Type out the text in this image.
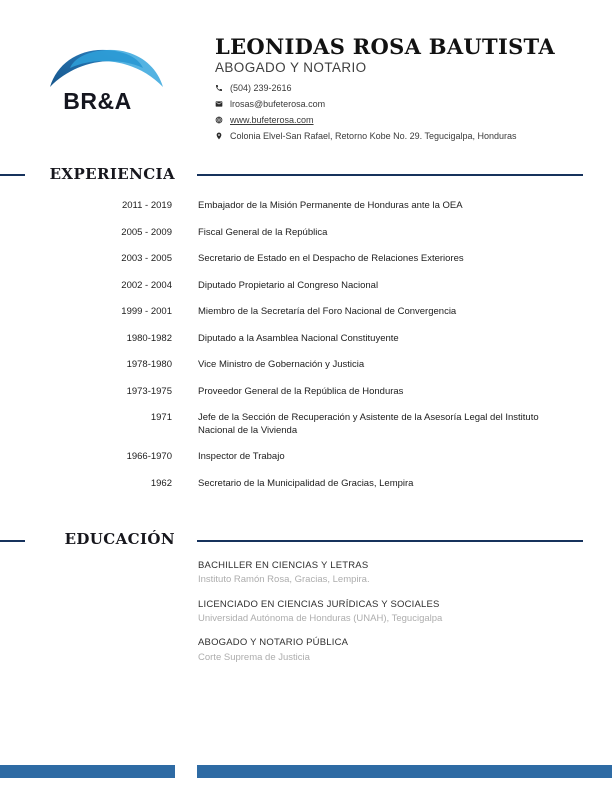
BR&A
LEONIDAS ROSA BAUTISTA
ABOGADO Y NOTARIO
(504) 239-2616
lrosas@bufeterosa.com
www.bufeterosa.com
Colonia Elvel-San Rafael, Retorno Kobe No. 29. Tegucigalpa, Honduras
EXPERIENCIA
2011 - 2019	Embajador de la Misión Permanente de Honduras ante la OEA
2005 - 2009	Fiscal General de la República
2003 - 2005	Secretario de Estado en el Despacho de Relaciones Exteriores
2002 - 2004	Diputado Propietario al Congreso Nacional
1999 - 2001	Miembro de la Secretaría del Foro Nacional de Convergencia
1980-1982	Diputado a la Asamblea Nacional Constituyente
1978-1980	Vice Ministro de Gobernación y Justicia
1973-1975	Proveedor General de la República de Honduras
1971	Jefe de la Sección de Recuperación y Asistente de la Asesoría Legal del Instituto Nacional de la Vivienda
1966-1970	Inspector de Trabajo
1962	Secretario de la Municipalidad de Gracias, Lempira
EDUCACIÓN
BACHILLER EN CIENCIAS Y LETRAS
Instituto Ramón Rosa, Gracias, Lempira.
LICENCIADO EN CIENCIAS JURÍDICAS Y SOCIALES
Universidad Autónoma de Honduras (UNAH), Tegucigalpa
ABOGADO Y NOTARIO PÚBLICA
Corte Suprema de Justicia
